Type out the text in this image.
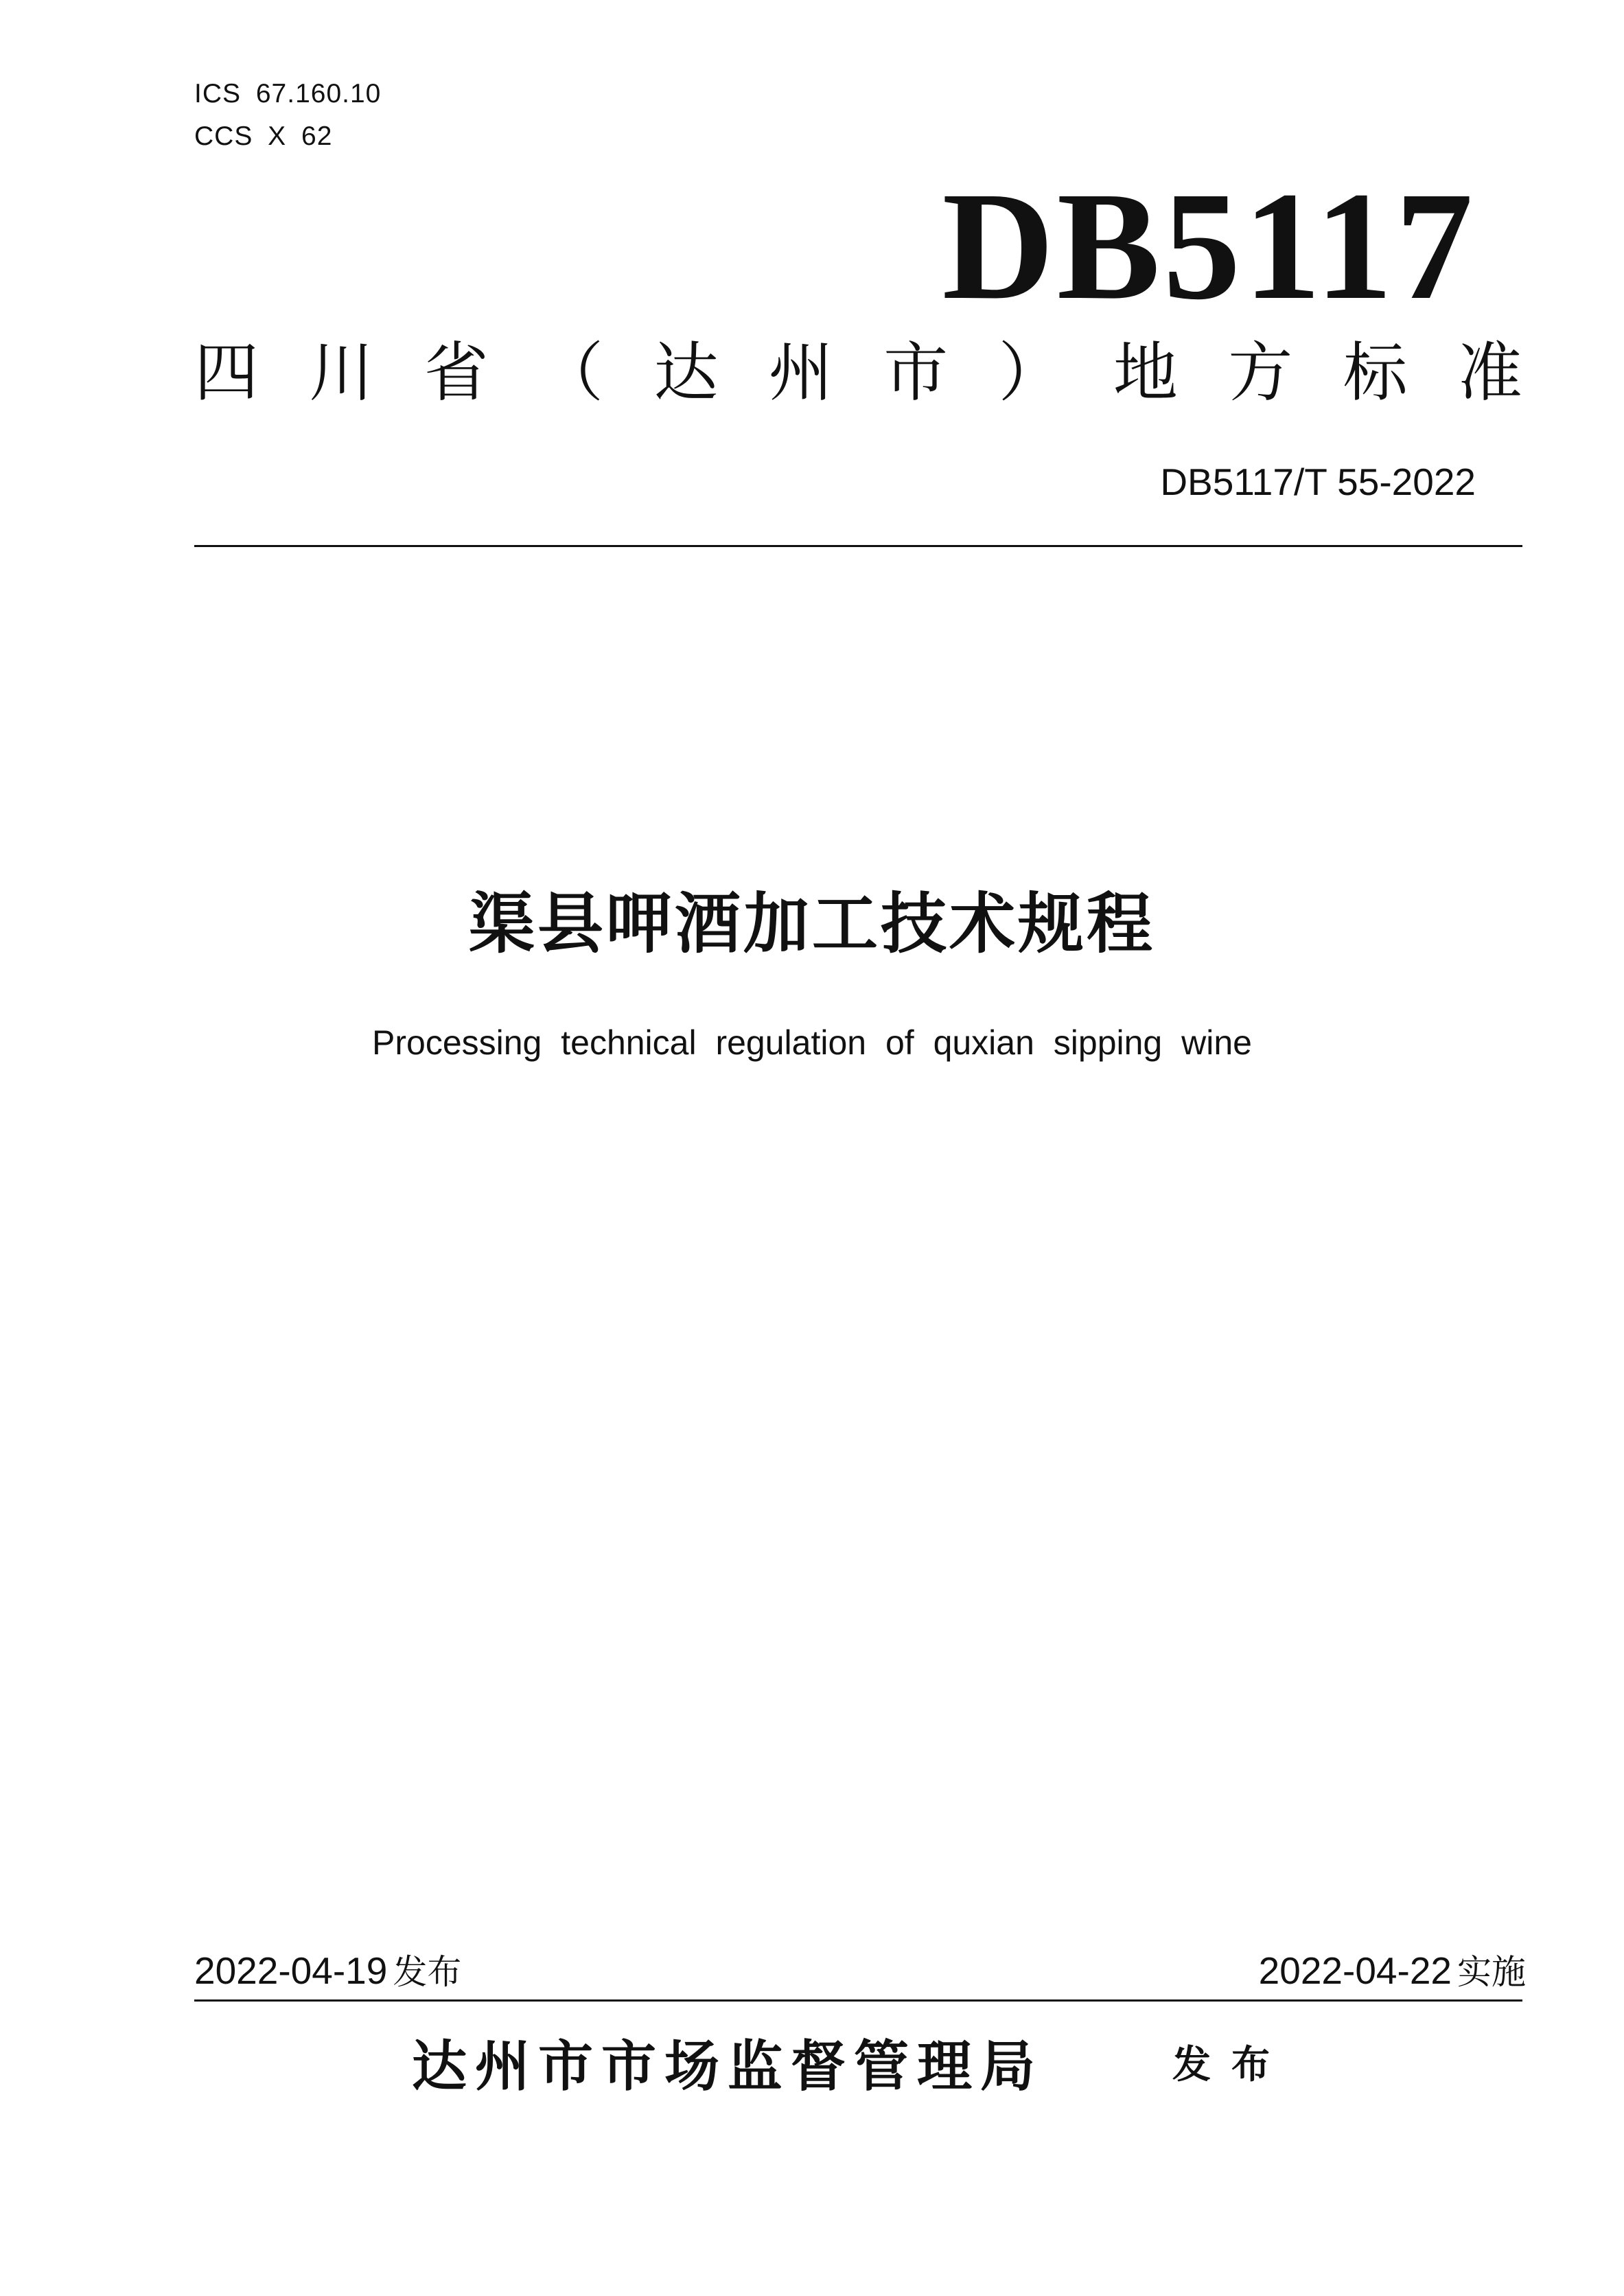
ICS 67.160.10
CCS X 62
DB5117
四 川 省 （ 达 州 市 ） 地 方 标 准
DB5117/T 55-2022
渠县呷酒加工技术规程
Processing technical regulation of quxian sipping wine
2022-04-19 发布	2022-04-22 实施
达州市市场监督管理局	发布
